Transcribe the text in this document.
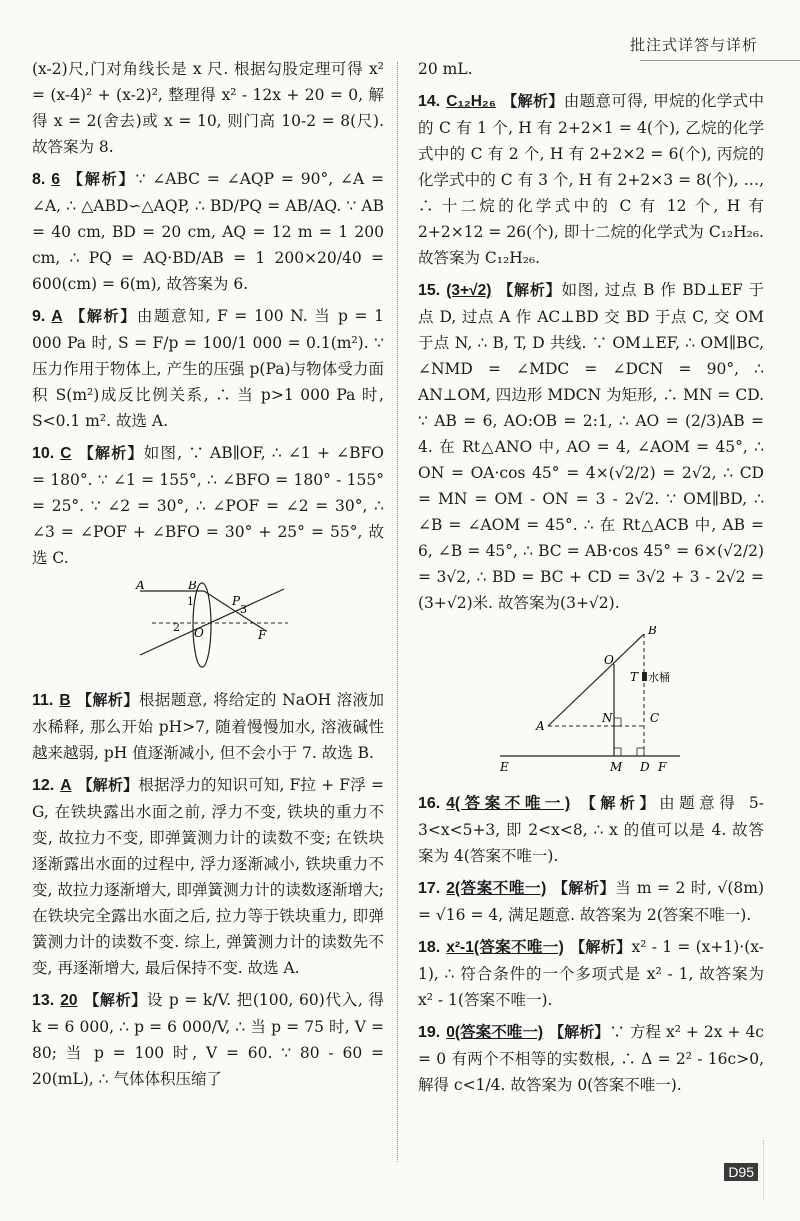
批注式详答与详析

(x-2)尺,门对角线长是 x 尺. 根据勾股定理可得 x² = (x-4)² + (x-2)², 整理得 x² - 12x + 20 = 0, 解得 x = 2(舍去)或 x = 10, 则门高 10-2 = 8(尺). 故答案为 8.

8. 6 【解析】∵ ∠ABC = ∠AQP = 90°, ∠A = ∠A, ∴ △ABD∽△AQP, ∴ BD/PQ = AB/AQ. ∵ AB = 40 cm, BD = 20 cm, AQ = 12 m = 1 200 cm, ∴ PQ = AQ·BD/AB = 1 200×20/40 = 600(cm) = 6(m), 故答案为 6.

9. A 【解析】由题意知, F = 100 N. 当 p = 1 000 Pa 时, S = F/p = 100/1 000 = 0.1(m²). ∵ 压力作用于物体上, 产生的压强 p(Pa)与物体受力面积 S(m²)成反比例关系, ∴ 当 p>1 000 Pa 时, S<0.1 m². 故选 A.

10. C 【解析】如图, ∵ AB∥OF, ∴ ∠1 + ∠BFO = 180°. ∵ ∠1 = 155°, ∴ ∠BFO = 180° - 155° = 25°. ∵ ∠2 = 30°, ∴ ∠POF = ∠2 = 30°, ∴ ∠3 = ∠POF + ∠BFO = 30° + 25° = 55°, 故选 C.

A	B
1	P
3
2 O	F

11. B 【解析】根据题意, 将给定的 NaOH 溶液加水稀释, 那么开始 pH>7, 随着慢慢加水, 溶液碱性越来越弱, pH 值逐渐减小, 但不会小于 7. 故选 B.

12. A 【解析】根据浮力的知识可知, F拉 + F浮 = G, 在铁块露出水面之前, 浮力不变, 铁块的重力不变, 故拉力不变, 即弹簧测力计的读数不变; 在铁块逐渐露出水面的过程中, 浮力逐渐减小, 铁块重力不变, 故拉力逐渐增大, 即弹簧测力计的读数逐渐增大; 在铁块完全露出水面之后, 拉力等于铁块重力, 即弹簧测力计的读数不变. 综上, 弹簧测力计的读数先不变, 再逐渐增大, 最后保持不变. 故选 A.

13. 20 【解析】设 p = k/V. 把(100, 60)代入, 得 k = 6 000, ∴ p = 6 000/V, ∴ 当 p = 75 时, V = 80; 当 p = 100 时, V = 60. ∵ 80 - 60 = 20(mL), ∴ 气体体积压缩了

20 mL.

14. C₁₂H₂₆ 【解析】由题意可得, 甲烷的化学式中的 C 有 1 个, H 有 2+2×1 = 4(个), 乙烷的化学式中的 C 有 2 个, H 有 2+2×2 = 6(个), 丙烷的化学式中的 C 有 3 个, H 有 2+2×3 = 8(个), …, ∴ 十二烷的化学式中的 C 有 12 个, H 有 2+2×12 = 26(个), 即十二烷的化学式为 C₁₂H₂₆. 故答案为 C₁₂H₂₆.

15. (3+√2) 【解析】如图, 过点 B 作 BD⊥EF 于点 D, 过点 A 作 AC⊥BD 交 BD 于点 C, 交 OM 于点 N, ∴ B, T, D 共线. ∵ OM⊥EF, ∴ OM∥BC, ∠NMD = ∠MDC = ∠DCN = 90°, ∴ AN⊥OM, 四边形 MDCN 为矩形, ∴ MN = CD. ∵ AB = 6, AO:OB = 2:1, ∴ AO = (2/3)AB = 4. 在 Rt△ANO 中, AO = 4, ∠AOM = 45°, ∴ ON = OA·cos 45° = 4×(√2/2) = 2√2, ∴ CD = MN = OM - ON = 3 - 2√2. ∵ OM∥BD, ∴ ∠B = ∠AOM = 45°. ∴ 在 Rt△ACB 中, AB = 6, ∠B = 45°, ∴ BC = AB·cos 45° = 6×(√2/2) = 3√2, ∴ BD = BC + CD = 3√2 + 3 - 2√2 = (3+√2)米. 故答案为(3+√2).

B
O
T 水桶
A
N	C
E	M D F

16. 4(答案不唯一) 【解析】由题意得 5-3<x<5+3, 即 2<x<8, ∴ x 的值可以是 4. 故答案为 4(答案不唯一).

17. 2(答案不唯一) 【解析】当 m = 2 时, √(8m) = √16 = 4, 满足题意. 故答案为 2(答案不唯一).

18. x²-1(答案不唯一) 【解析】x² - 1 = (x+1)·(x-1), ∴ 符合条件的一个多项式是 x² - 1, 故答案为 x² - 1(答案不唯一).

19. 0(答案不唯一) 【解析】∵ 方程 x² + 2x + 4c = 0 有两个不相等的实数根, ∴ Δ = 2² - 16c>0, 解得 c<1/4. 故答案为 0(答案不唯一).

D95
